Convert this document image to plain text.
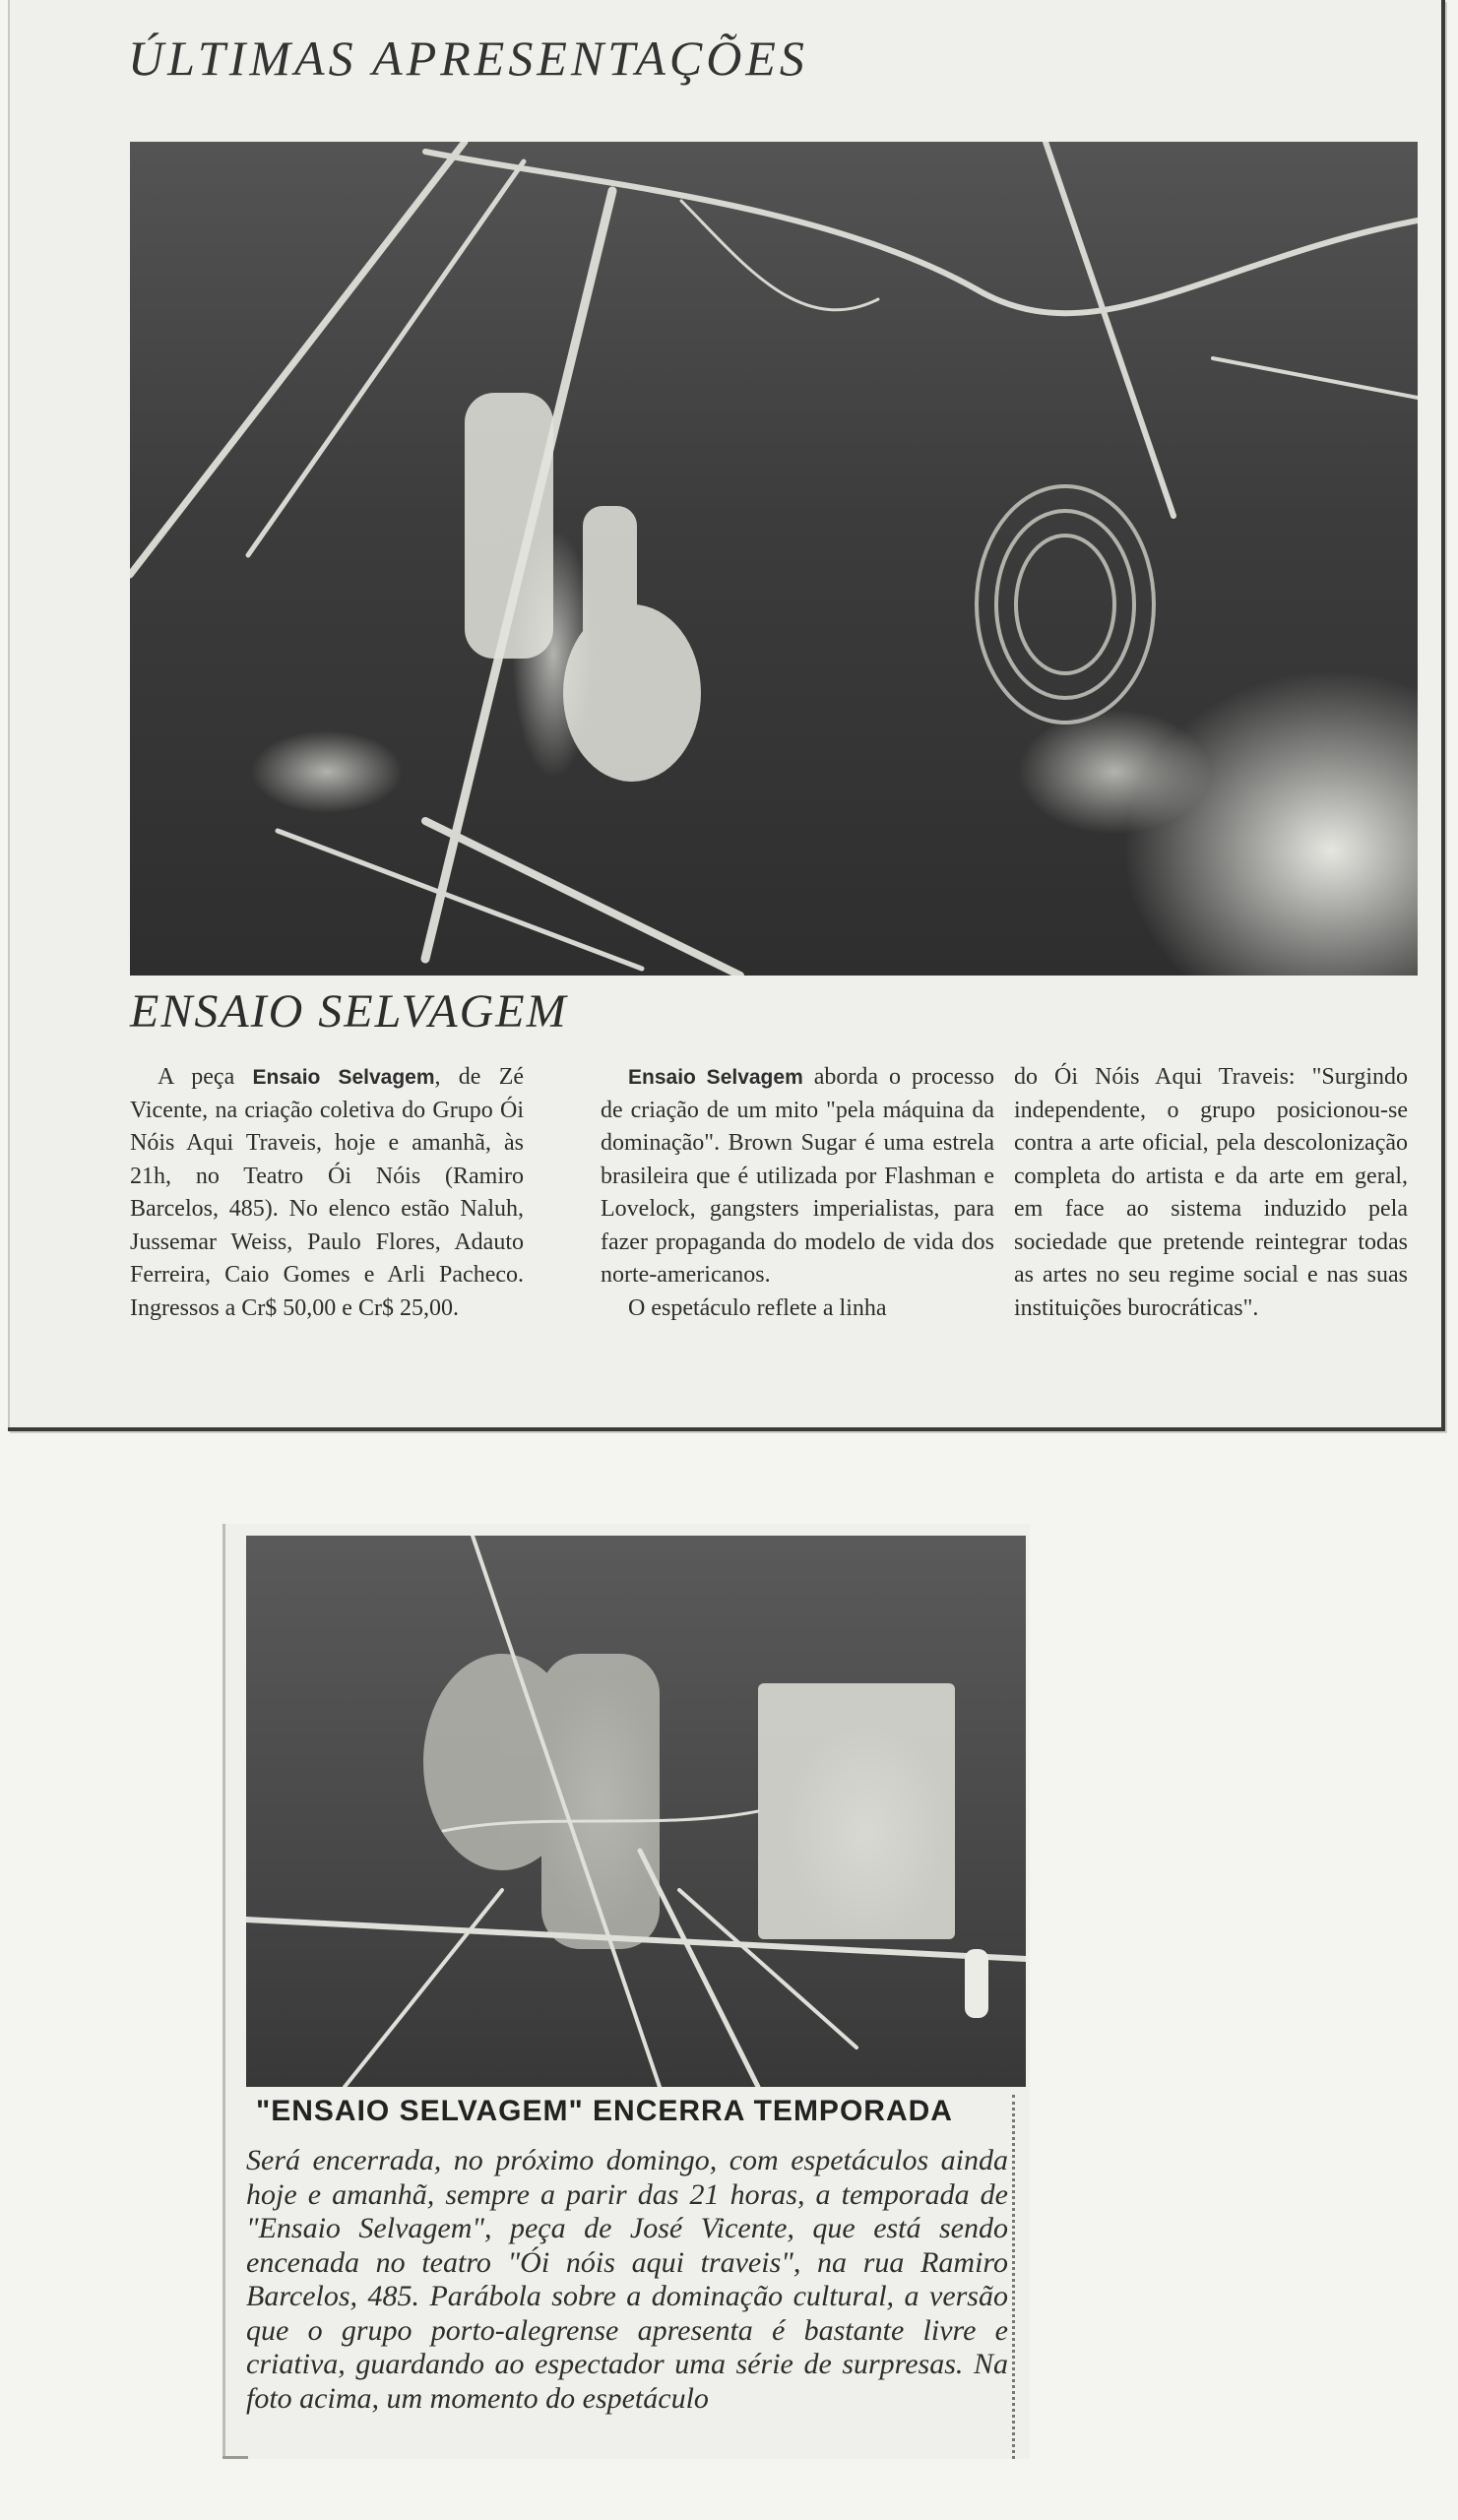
ÚLTIMAS APRESENTAÇÕES
ENSAIO SELVAGEM

A peça Ensaio Selvagem, de Zé Vicente, na criação coletiva do Grupo Ói Nóis Aqui Traveis, hoje e amanhã, às 21h, no Teatro Ói Nóis (Ramiro Barcelos, 485). No elenco estão Naluh, Jussemar Weiss, Paulo Flores, Adauto Ferreira, Caio Gomes e Arli Pacheco. Ingressos a Cr$ 50,00 e Cr$ 25,00.

Ensaio Selvagem aborda o processo de criação de um mito "pela máquina da dominação". Brown Sugar é uma estrela brasileira que é utilizada por Flashman e Lovelock, gangsters imperialistas, para fazer propaganda do modelo de vida dos norte-americanos.

O espetáculo reflete a linha

do Ói Nóis Aqui Traveis: "Surgindo independente, o grupo posicionou-se contra a arte oficial, pela descolonização completa do artista e da arte em geral, em face ao sistema induzido pela sociedade que pretende reintegrar todas as artes no seu regime social e nas suas instituições burocráticas".

"ENSAIO SELVAGEM" ENCERRA TEMPORADA
Será encerrada, no próximo domingo, com espetáculos ainda hoje e amanhã, sempre a parir das 21 horas, a temporada de "Ensaio Selvagem", peça de José Vicente, que está sendo encenada no teatro "Ói nóis aqui traveis", na rua Ramiro Barcelos, 485. Parábola sobre a dominação cultural, a versão que o grupo porto-alegrense apresenta é bastante livre e criativa, guardando ao espectador uma série de surpresas. Na foto acima, um momento do espetáculo
